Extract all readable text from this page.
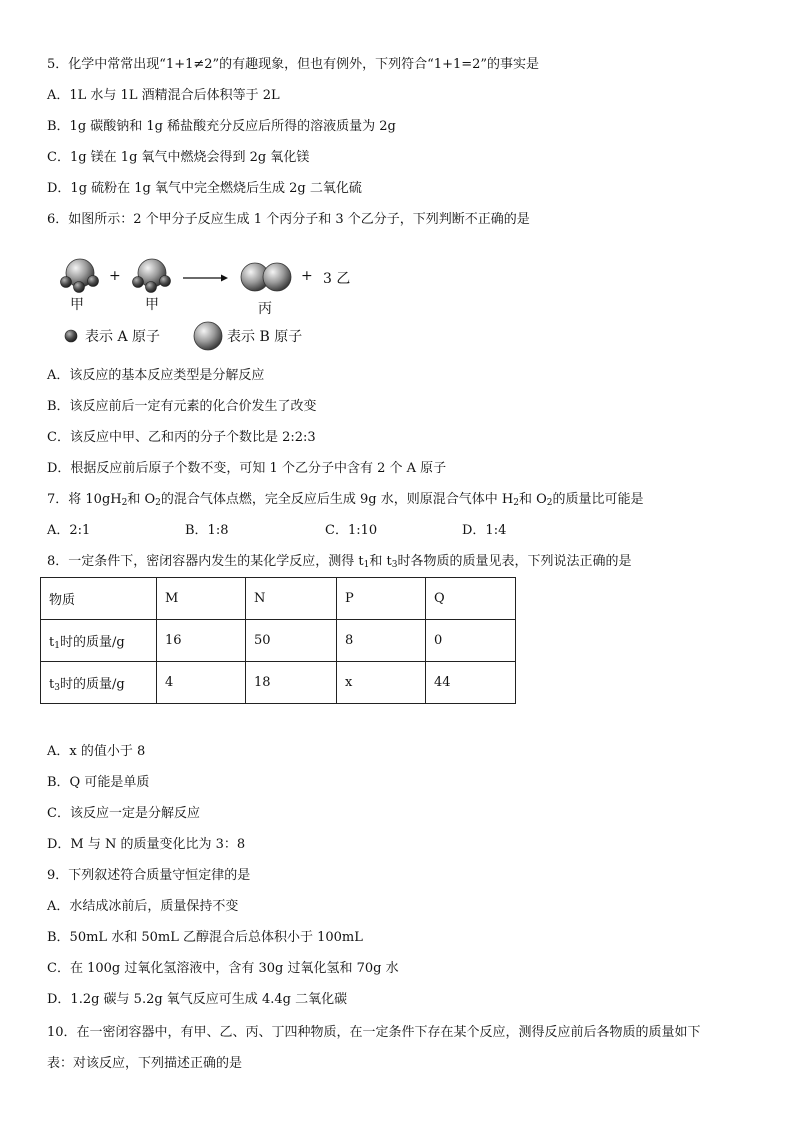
5．化学中常常出现“1+1≠2”的有趣现象，但也有例外，下列符合“1+1=2”的事实是
A．1L 水与 1L 酒精混合后体积等于 2L
B．1g 碳酸钠和 1g 稀盐酸充分反应后所得的溶液质量为 2g
C．1g 镁在 1g 氧气中燃烧会得到 2g 氧化镁
D．1g 硫粉在 1g 氧气中完全燃烧后生成 2g 二氧化硫
6．如图所示：2 个甲分子反应生成 1 个丙分子和 3 个乙分子，下列判断不正确的是
甲
+
甲	丙
+ 3 乙
表示 A 原子	表示 B 原子
A．该反应的基本反应类型是分解反应
B．该反应前后一定有元素的化合价发生了改变
C．该反应中甲、乙和丙的分子个数比是 2:2:3
D．根据反应前后原子个数不变，可知 1 个乙分子中含有 2 个 A 原子
7．将 $10gH_2$和 $O_2$的混合气体点燃，完全反应后生成 9g 水，则原混合气体中 $H_2$和 $O_2$的质量比可能是
A．2:1	B．1:8	C．1:10	D．1:4
8．一定条件下，密闭容器内发生的某化学反应，测得 $t_1$和 $t_3$时各物质的质量见表，下列说法正确的是
物质	M	N	P	Q
$t_1$时的质量/g	16	50	8	0
$t_3$时的质量/g	4	18	x	44
A．x 的值小于 8
B．Q 可能是单质
C．该反应一定是分解反应
D．M 与 N 的质量变化比为 3：8
9．下列叙述符合质量守恒定律的是
A．水结成冰前后，质量保持不变
B．50mL 水和 50mL 乙醇混合后总体积小于 100mL
C．在 100g 过氧化氢溶液中，含有 30g 过氧化氢和 70g 水
D．1.2g 碳与 5.2g 氧气反应可生成 4.4g 二氧化碳
10．在一密闭容器中，有甲、乙、丙、丁四种物质，在一定条件下存在某个反应，测得反应前后各物质的质量如下
表：对该反应，下列描述正确的是
